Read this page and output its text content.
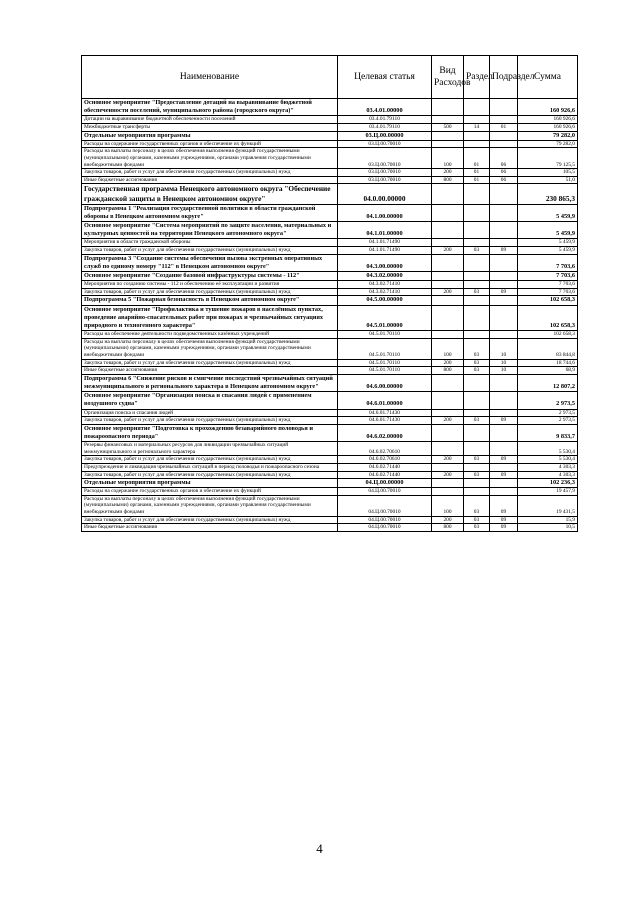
Наименование	Целевая статья	Вид Расходов	Раздел	Подраздел	Сумма
Основное мероприятие "Предоставление дотаций на выравнивание бюджетной обеспеченности поселений, муниципального района (городского округа)"	03.4.01.00000				160 926,6
Дотации на выравнивание бюджетной обеспеченности поселений	03.4.01.79110				160 926,6
Межбюджетные трансферты	03.4.01.79110	500	14	01	160 926,6
Отдельные мероприятия программы	03.Ц.00.00000				79 282,0
Расходы на содержание государственных органов и обеспечение их функций	03.Ц.00.70010				79 282,0
Расходы на выплаты персоналу в целях обеспечения выполнения функций государственными (муниципальными) органами, казенными учреждениями, органами управления государственными внебюджетными фондами	03.Ц.00.70010	100	01	06	79 125,5
Закупка товаров, работ и услуг для обеспечения государственных (муниципальных) нужд	03.Ц.00.70010	200	01	06	105,5
Иные бюджетные ассигнования	03.Ц.00.70010	800	01	06	51,0
Государственная программа Ненецкого автономного округа "Обеспечение гражданской защиты в Ненецком автономном округе"	04.0.00.00000				230 865,3
Подпрограмма 1 "Реализация государственной политики в области гражданской обороны в Ненецком автономном округе"	04.1.00.00000				5 459,9
Основное мероприятие "Система мероприятий по защите населения, материальных и культурных ценностей на территории Ненецкого автономного округа"	04.1.01.00000				5 459,9
Мероприятия в области гражданской обороны	04.1.01.71490				5 459,9
Закупка товаров, работ и услуг для обеспечения государственных (муниципальных) нужд	04.1.01.71490	200	03	09	5 459,9
Подпрограмма 3 "Создание системы обеспечения вызова экстренных оперативных служб по единому номеру "112" в Ненецком автономном округе"	04.3.00.00000				7 703,6
Основное мероприятие "Создание базовой инфраструктуры системы - 112"	04.3.02.00000				7 703,6
Мероприятия по созданию системы - 112 и обеспечению её эксплуатации и развития	04.3.02.71410				7 703,6
Закупка товаров, работ и услуг для обеспечения государственных (муниципальных) нужд	04.3.02.71410	200	03	09	7 703,6
Подпрограмма 5 "Пожарная безопасность в Ненецком автономном округе"	04.5.00.00000				102 658,3
Основное мероприятие "Профилактика и тушение пожаров в населённых пунктах, проведение аварийно-спасательных работ при пожарах и чрезвычайных ситуациях природного и техногенного характера"	04.5.01.00000				102 658,3
Расходы на обеспечение деятельности подведомственных казённых учреждений	04.5.01.70110				102 658,3
Расходы на выплаты персоналу в целях обеспечения выполнения функций государственными (муниципальными) органами, казенными учреждениями, органами управления государственными внебюджетными фондами	04.5.01.70110	100	03	10	83 844,8
Закупка товаров, работ и услуг для обеспечения государственных (муниципальных) нужд	04.5.01.70110	200	03	10	18 744,6
Иные бюджетные ассигнования	04.5.01.70110	800	03	10	68,9
Подпрограмма 6 "Снижение рисков и смягчение последствий чрезвычайных ситуаций межмуниципального и регионального характера в Ненецком автономном округе"	04.6.00.00000				12 807,2
Основное мероприятие "Организация поиска и спасания людей с применением воздушного судна"	04.6.01.00000				2 973,5
Организация поиска и спасания людей	04.6.01.71430				2 973,5
Закупка товаров, работ и услуг для обеспечения государственных (муниципальных) нужд	04.6.01.71430	200	03	09	2 973,5
Основное мероприятие "Подготовка к прохождению безаварийного половодья и пожароопасного периода"	04.6.02.00000				9 833,7
Резервы финансовых и материальных ресурсов для ликвидации чрезвычайных ситуаций межмуниципального и регионального характера	04.6.02.70610				5 530,4
Закупка товаров, работ и услуг для обеспечения государственных (муниципальных) нужд	04.6.02.70610	200	03	09	5 530,4
Предупреждение и ликвидация чрезвычайных ситуаций в период половодья и пожароопасного сезона	04.6.02.71440				4 303,3
Закупка товаров, работ и услуг для обеспечения государственных (муниципальных) нужд	04.6.02.71440	200	03	09	4 303,3
Отдельные мероприятия программы	04.Ц.00.00000				102 236,3
Расходы на содержание государственных органов и обеспечение их функций	04.Ц.00.70010				19 457,9
Расходы на выплаты персоналу в целях обеспечения выполнения функций государственными (муниципальными) органами, казенными учреждениями, органами управления государственными внебюджетными фондами	04.Ц.00.70010	100	03	09	19 431,5
Закупка товаров, работ и услуг для обеспечения государственных (муниципальных) нужд	04.Ц.00.70010	200	03	09	15,9
Иные бюджетные ассигнования	04.Ц.00.70010	800	03	09	10,5
4
